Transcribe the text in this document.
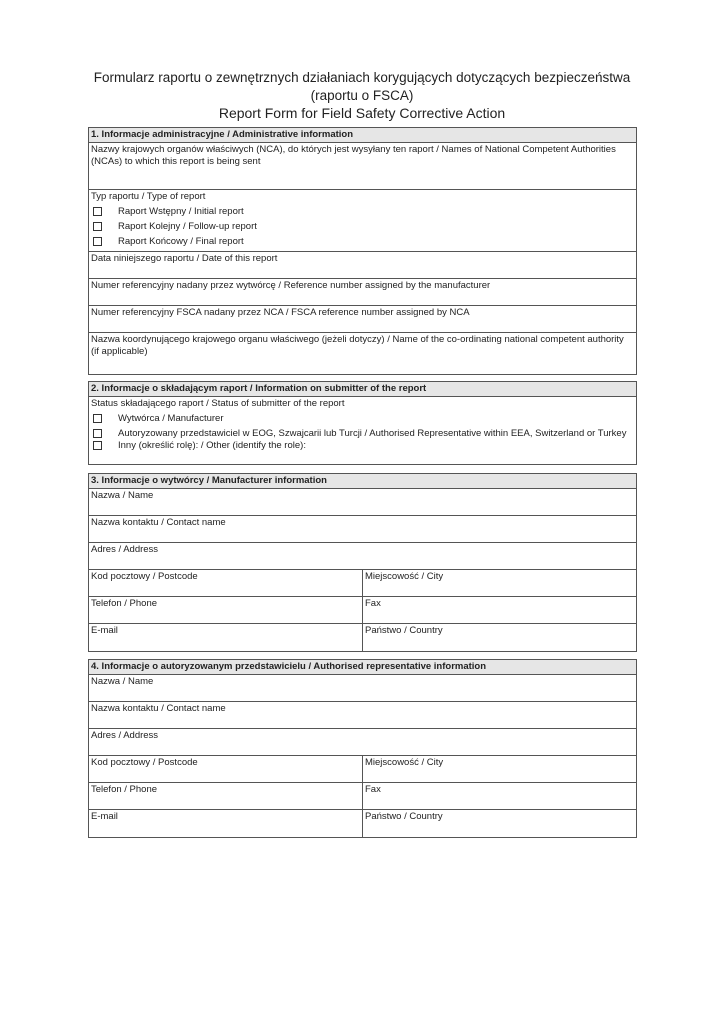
Formularz raportu o zewnętrznych działaniach korygujących dotyczących bezpieczeństwa
(raportu o FSCA)
Report Form for Field Safety Corrective Action
1. Informacje administracyjne / Administrative information
Nazwy krajowych organów właściwych (NCA), do których jest wysyłany ten raport / Names of National Competent Authorities (NCAs) to which this report is being sent
Typ raportu / Type of report
Raport Wstępny / Initial report
Raport Kolejny / Follow-up report
Raport Końcowy / Final report
Data niniejszego raportu / Date of this report
Numer referencyjny nadany przez wytwórcę / Reference number assigned by the manufacturer
Numer referencyjny FSCA nadany przez NCA / FSCA reference number assigned by NCA
Nazwa koordynującego krajowego organu właściwego (jeżeli dotyczy) / Name of the co-ordinating national competent authority (if applicable)
2. Informacje o składającym raport / Information on submitter of the report
Status składającego raport / Status of submitter of the report
Wytwórca / Manufacturer
Autoryzowany przedstawiciel w EOG, Szwajcarii lub Turcji / Authorised Representative within EEA, Switzerland or Turkey
Inny (określić rolę): / Other (identify the role):
3. Informacje o wytwórcy / Manufacturer information
Nazwa / Name
Nazwa kontaktu / Contact name
Adres / Address
Kod pocztowy / Postcode	Miejscowość / City
Telefon / Phone	Fax
E-mail	Państwo / Country
4. Informacje o autoryzowanym przedstawicielu / Authorised representative information
Nazwa / Name
Nazwa kontaktu / Contact name
Adres / Address
Kod pocztowy / Postcode	Miejscowość / City
Telefon / Phone	Fax
E-mail	Państwo / Country
